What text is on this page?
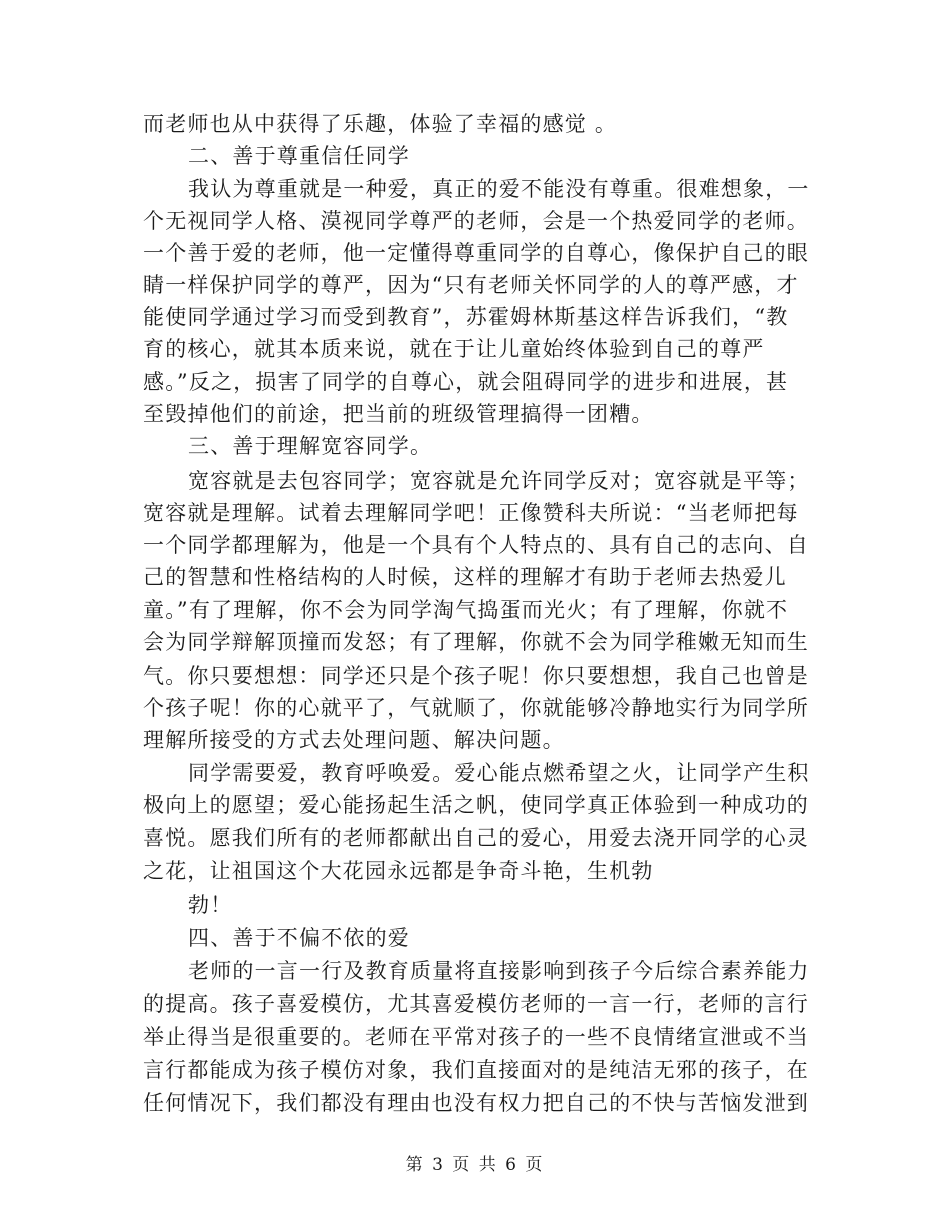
而老师也从中获得了乐趣，体验了幸福的感觉 。
二、善于尊重信任同学
我认为尊重就是一种爱，真正的爱不能没有尊重。很难想象，一
个无视同学人格、漠视同学尊严的老师，会是一个热爱同学的老师。
一个善于爱的老师，他一定懂得尊重同学的自尊心，像保护自己的眼
睛一样保护同学的尊严，因为“只有老师关怀同学的人的尊严感，才
能使同学通过学习而受到教育”，苏霍姆林斯基这样告诉我们，“教
育的核心，就其本质来说，就在于让儿童始终体验到自己的尊严
感。”反之，损害了同学的自尊心，就会阻碍同学的进步和进展，甚
至毁掉他们的前途，把当前的班级管理搞得一团糟。
三、善于理解宽容同学。
宽容就是去包容同学；宽容就是允许同学反对；宽容就是平等；
宽容就是理解。试着去理解同学吧！正像赞科夫所说：“当老师把每
一个同学都理解为，他是一个具有个人特点的、具有自己的志向、自
己的智慧和性格结构的人时候，这样的理解才有助于老师去热爱儿
童。”有了理解，你不会为同学淘气捣蛋而光火；有了理解，你就不
会为同学辩解顶撞而发怒；有了理解，你就不会为同学稚嫩无知而生
气。你只要想想：同学还只是个孩子呢！你只要想想，我自己也曾是
个孩子呢！你的心就平了，气就顺了，你就能够冷静地实行为同学所
理解所接受的方式去处理问题、解决问题。
同学需要爱，教育呼唤爱。爱心能点燃希望之火，让同学产生积
极向上的愿望；爱心能扬起生活之帆，使同学真正体验到一种成功的
喜悦。愿我们所有的老师都献出自己的爱心，用爱去浇开同学的心灵
之花，让祖国这个大花园永远都是争奇斗艳，生机勃
勃！
四、善于不偏不依的爱
老师的一言一行及教育质量将直接影响到孩子今后综合素养能力
的提高。孩子喜爱模仿，尤其喜爱模仿老师的一言一行，老师的言行
举止得当是很重要的。老师在平常对孩子的一些不良情绪宣泄或不当
言行都能成为孩子模仿对象，我们直接面对的是纯洁无邪的孩子，在
任何情况下，我们都没有理由也没有权力把自己的不快与苦恼发泄到
第 3 页 共 6 页
